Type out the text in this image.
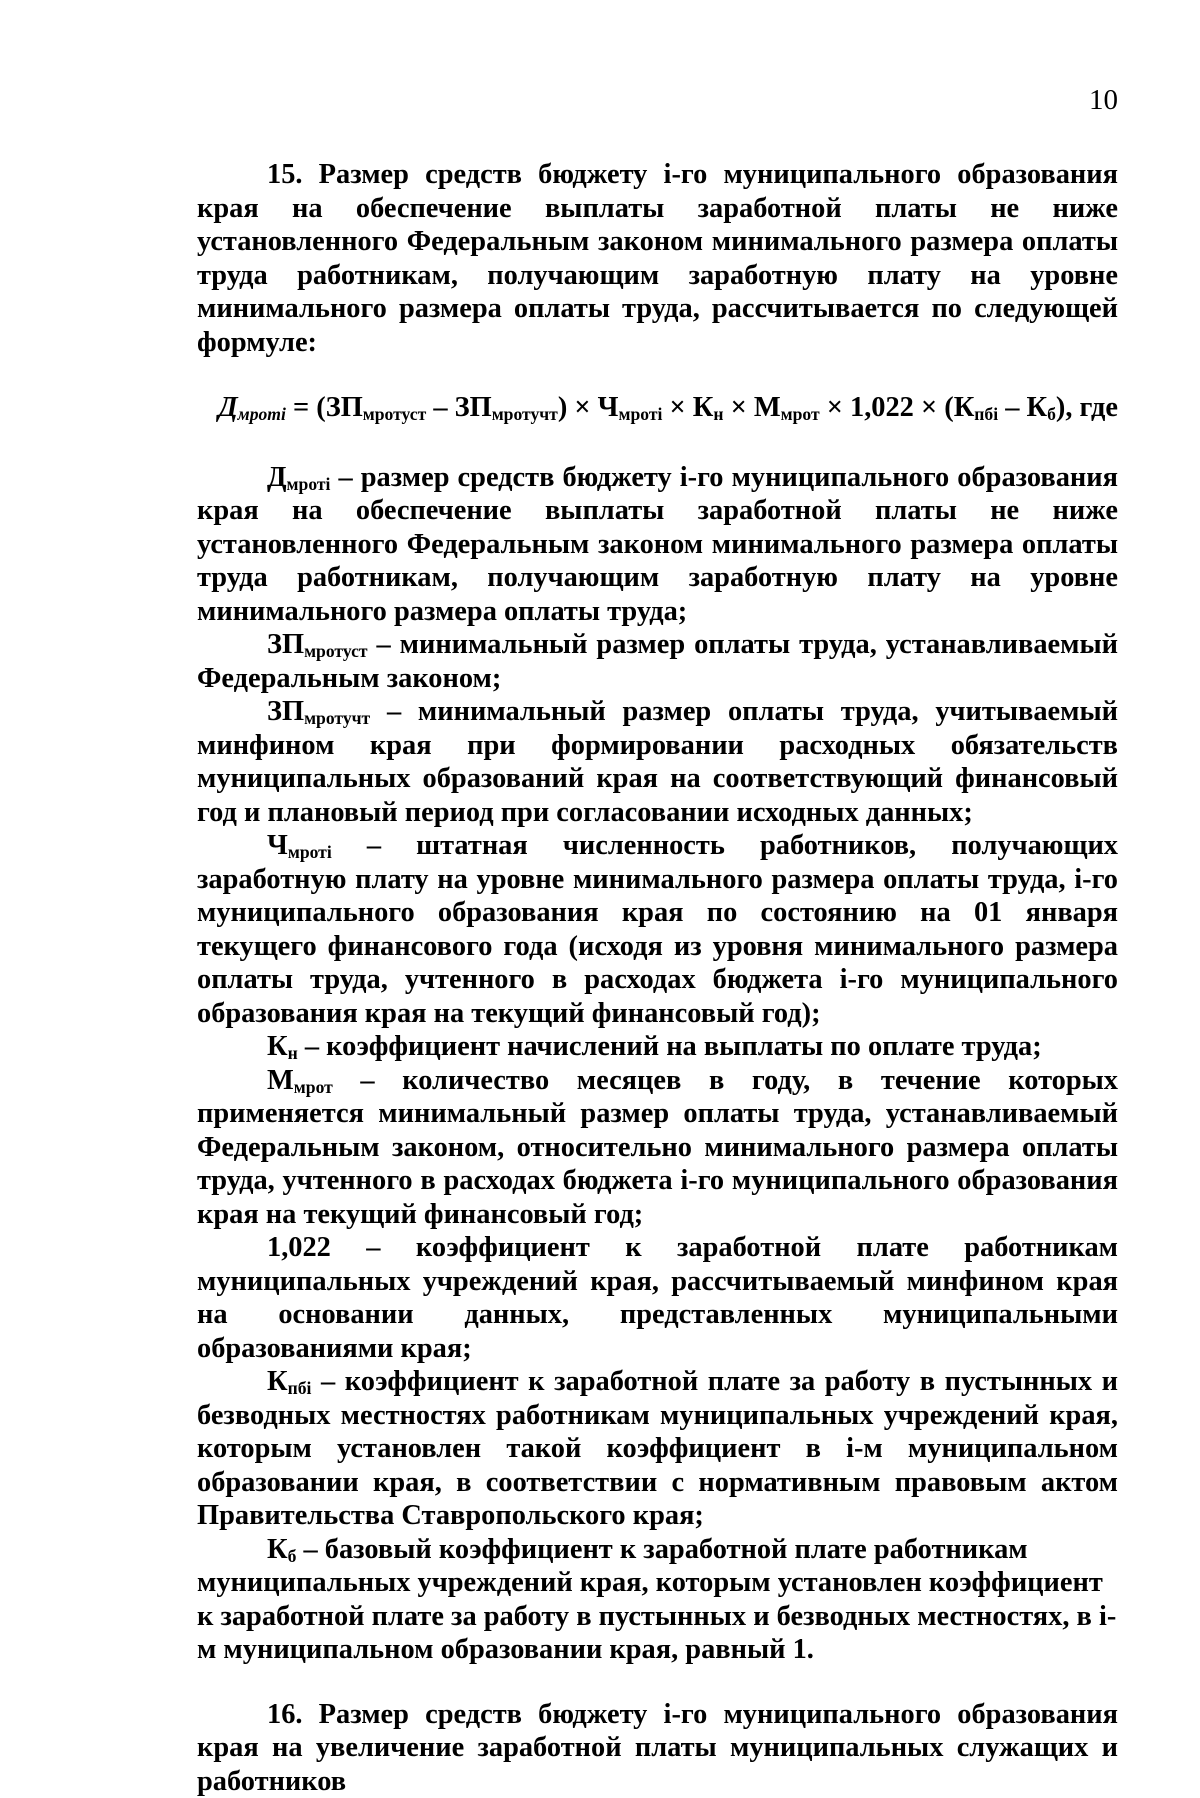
10

15. Размер средств бюджету i-го муниципального образования края на обеспечение выплаты заработной платы не ниже установленного Федеральным законом минимального размера оплаты труда работникам, получающим заработную плату на уровне минимального размера оплаты труда, рассчитывается по следующей формуле:

$Д_{мротi} = (ЗП_{мротуст} - ЗП_{мротучт}) \times Ч_{мротi} \times К_н \times М_{мрот} \times 1,022 \times (К_{пбi} - К_б)$, где

$Д_{мротi}$ – размер средств бюджету i-го муниципального образования края на обеспечение выплаты заработной платы не ниже установленного Федеральным законом минимального размера оплаты труда работникам, получающим заработную плату на уровне минимального размера оплаты труда;

$ЗП_{мротуст}$ – минимальный размер оплаты труда, устанавливаемый Федеральным законом;

$ЗП_{мротучт}$ – минимальный размер оплаты труда, учитываемый минфином края при формировании расходных обязательств муниципальных образований края на соответствующий финансовый год и плановый период при согласовании исходных данных;

$Ч_{мротi}$ – штатная численность работников, получающих заработную плату на уровне минимального размера оплаты труда, i-го муниципального образования края по состоянию на 01 января текущего финансового года (исходя из уровня минимального размера оплаты труда, учтенного в расходах бюджета i-го муниципального образования края на текущий финансовый год);

$К_н$ – коэффициент начислений на выплаты по оплате труда;

$М_{мрот}$ – количество месяцев в году, в течение которых применяется минимальный размер оплаты труда, устанавливаемый Федеральным законом, относительно минимального размера оплаты труда, учтенного в расходах бюджета i-го муниципального образования края на текущий финансовый год;

1,022 – коэффициент к заработной плате работникам муниципальных учреждений края, рассчитываемый минфином края на основании данных, представленных муниципальными образованиями края;

$К_{пбi}$ – коэффициент к заработной плате за работу в пустынных и безводных местностях работникам муниципальных учреждений края, которым установлен такой коэффициент в i-м муниципальном образовании края, в соответствии с нормативным правовым актом Правительства Ставропольского края;

$К_б$ – базовый коэффициент к заработной плате работникам муниципальных учреждений края, которым установлен коэффициент к заработной плате за работу в пустынных и безводных местностях, в i-м муниципальном образовании края, равный 1.

16. Размер средств бюджету i-го муниципального образования края на увеличение заработной платы муниципальных служащих и работников
